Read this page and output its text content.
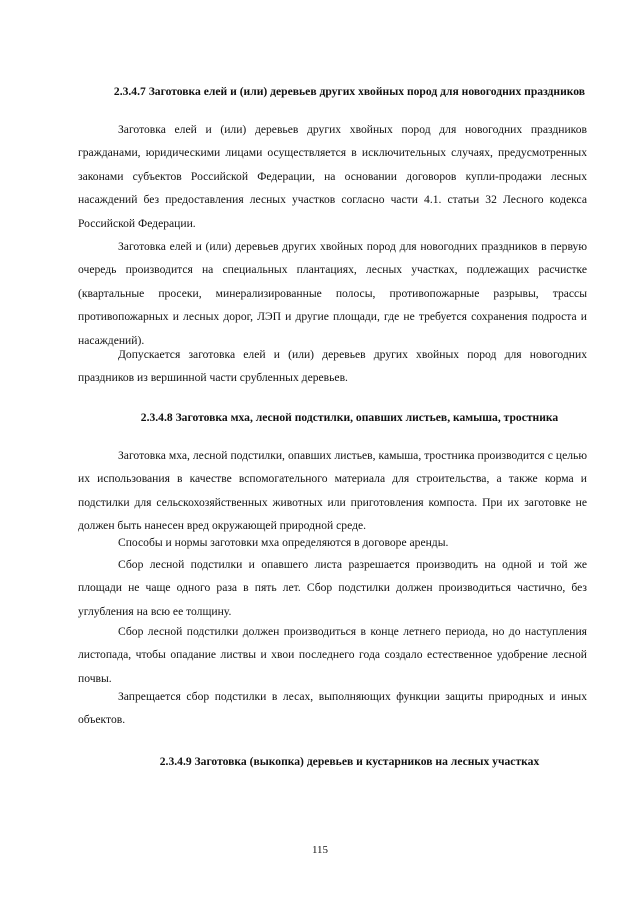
2.3.4.7 Заготовка елей и (или) деревьев других хвойных пород для новогодних праздников

Заготовка елей и (или) деревьев других хвойных пород для новогодних праздников гражданами, юридическими лицами осуществляется в исключительных случаях, предусмотренных законами субъектов Российской Федерации, на основании договоров купли-продажи лесных насаждений без предоставления лесных участков согласно части 4.1. статьи 32 Лесного кодекса Российской Федерации.

Заготовка елей и (или) деревьев других хвойных пород для новогодних праздников в первую очередь производится на специальных плантациях, лесных участках, подлежащих расчистке (квартальные просеки, минерализированные полосы, противопожарные разрывы, трассы противопожарных и лесных дорог, ЛЭП и другие площади, где не требуется сохранения подроста и насаждений).

Допускается заготовка елей и (или) деревьев других хвойных пород для новогодних праздников из вершинной части срубленных деревьев.

2.3.4.8 Заготовка мха, лесной подстилки, опавших листьев, камыша, тростника

Заготовка мха, лесной подстилки, опавших листьев, камыша, тростника производится с целью их использования в качестве вспомогательного материала для строительства, а также корма и подстилки для сельскохозяйственных животных или приготовления компоста. При их заготовке не должен быть нанесен вред окружающей природной среде.

Способы и нормы заготовки мха определяются в договоре аренды.

Сбор лесной подстилки и опавшего листа разрешается производить на одной и той же площади не чаще одного раза в пять лет. Сбор подстилки должен производиться частично, без углубления на всю ее толщину.

Сбор лесной подстилки должен производиться в конце летнего периода, но до наступления листопада, чтобы опадание листвы и хвои последнего года создало естественное удобрение лесной почвы.

Запрещается сбор подстилки в лесах, выполняющих функции защиты природных и иных объектов.

2.3.4.9 Заготовка (выкопка) деревьев и кустарников на лесных участках

115
